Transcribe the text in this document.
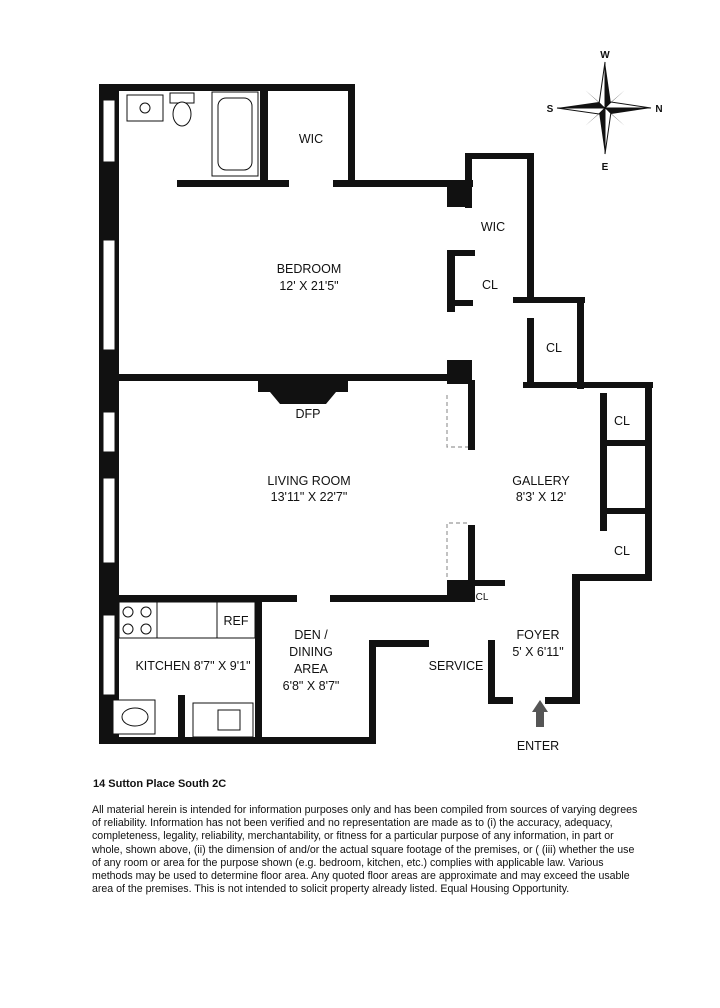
W
S	N
E
WIC
BEDROOM
12' X 21'5"
WIC
CL
CL
DFP	CL
LIVING ROOM
13'11" X 22'7"
GALLERY
8'3' X 12'
CL
CL
REF
DEN /
DINING
AREA
6'8" X 8'7"
FOYER
5' X 6'11"
KITCHEN 8'7" X 9'1"	SERVICE
ENTER

14 Sutton Place South 2C

All material herein is intended for information purposes only and has been compiled from sources of varying degrees of reliability. Information has not been verified and no representation are made as to (i) the accuracy, adequacy, completeness, legality, reliability, merchantability, or fitness for a particular purpose of any information, in part or whole, shown above, (ii) the dimension of and/or the actual square footage of the premises, or ( (iii) whether the use of any room or area for the purpose shown (e.g. bedroom, kitchen, etc.) complies with applicable law. Various methods may be used to determine floor area. Any quoted floor areas are approximate and may exceed the usable area of the premises. This is not intended to solicit property already listed. Equal Housing Opportunity.
